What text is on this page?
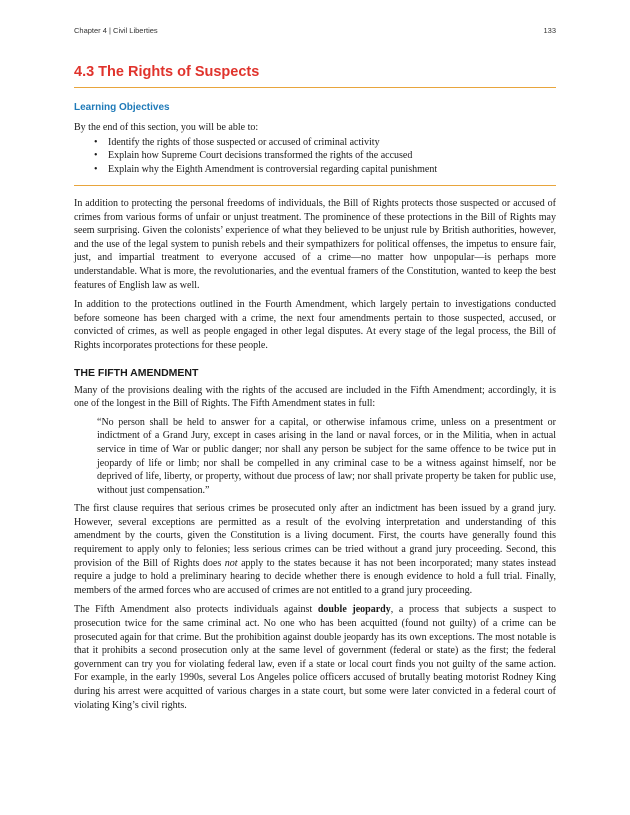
Chapter 4 | Civil Liberties	133
4.3 The Rights of Suspects
Learning Objectives

By the end of this section, you will be able to:

• Identify the rights of those suspected or accused of criminal activity
• Explain how Supreme Court decisions transformed the rights of the accused
• Explain why the Eighth Amendment is controversial regarding capital punishment

In addition to protecting the personal freedoms of individuals, the Bill of Rights protects those suspected or accused of crimes from various forms of unfair or unjust treatment. The prominence of these protections in the Bill of Rights may seem surprising. Given the colonists’ experience of what they believed to be unjust rule by British authorities, however, and the use of the legal system to punish rebels and their sympathizers for political offenses, the impetus to ensure fair, just, and impartial treatment to everyone accused of a crime—no matter how unpopular—is perhaps more understandable. What is more, the revolutionaries, and the eventual framers of the Constitution, wanted to keep the best features of English law as well.

In addition to the protections outlined in the Fourth Amendment, which largely pertain to investigations conducted before someone has been charged with a crime, the next four amendments pertain to those suspected, accused, or convicted of crimes, as well as people engaged in other legal disputes. At every stage of the legal process, the Bill of Rights incorporates protections for these people.

THE FIFTH AMENDMENT

Many of the provisions dealing with the rights of the accused are included in the Fifth Amendment; accordingly, it is one of the longest in the Bill of Rights. The Fifth Amendment states in full:

“No person shall be held to answer for a capital, or otherwise infamous crime, unless on a presentment or indictment of a Grand Jury, except in cases arising in the land or naval forces, or in the Militia, when in actual service in time of War or public danger; nor shall any person be subject for the same offence to be twice put in jeopardy of life or limb; nor shall be compelled in any criminal case to be a witness against himself, nor be deprived of life, liberty, or property, without due process of law; nor shall private property be taken for public use, without just compensation.”

The first clause requires that serious crimes be prosecuted only after an indictment has been issued by a grand jury. However, several exceptions are permitted as a result of the evolving interpretation and understanding of this amendment by the courts, given the Constitution is a living document. First, the courts have generally found this requirement to apply only to felonies; less serious crimes can be tried without a grand jury proceeding. Second, this provision of the Bill of Rights does not apply to the states because it has not been incorporated; many states instead require a judge to hold a preliminary hearing to decide whether there is enough evidence to hold a full trial. Finally, members of the armed forces who are accused of crimes are not entitled to a grand jury proceeding.

The Fifth Amendment also protects individuals against double jeopardy, a process that subjects a suspect to prosecution twice for the same criminal act. No one who has been acquitted (found not guilty) of a crime can be prosecuted again for that crime. But the prohibition against double jeopardy has its own exceptions. The most notable is that it prohibits a second prosecution only at the same level of government (federal or state) as the first; the federal government can try you for violating federal law, even if a state or local court finds you not guilty of the same action. For example, in the early 1990s, several Los Angeles police officers accused of brutally beating motorist Rodney King during his arrest were acquitted of various charges in a state court, but some were later convicted in a federal court of violating King’s civil rights.
